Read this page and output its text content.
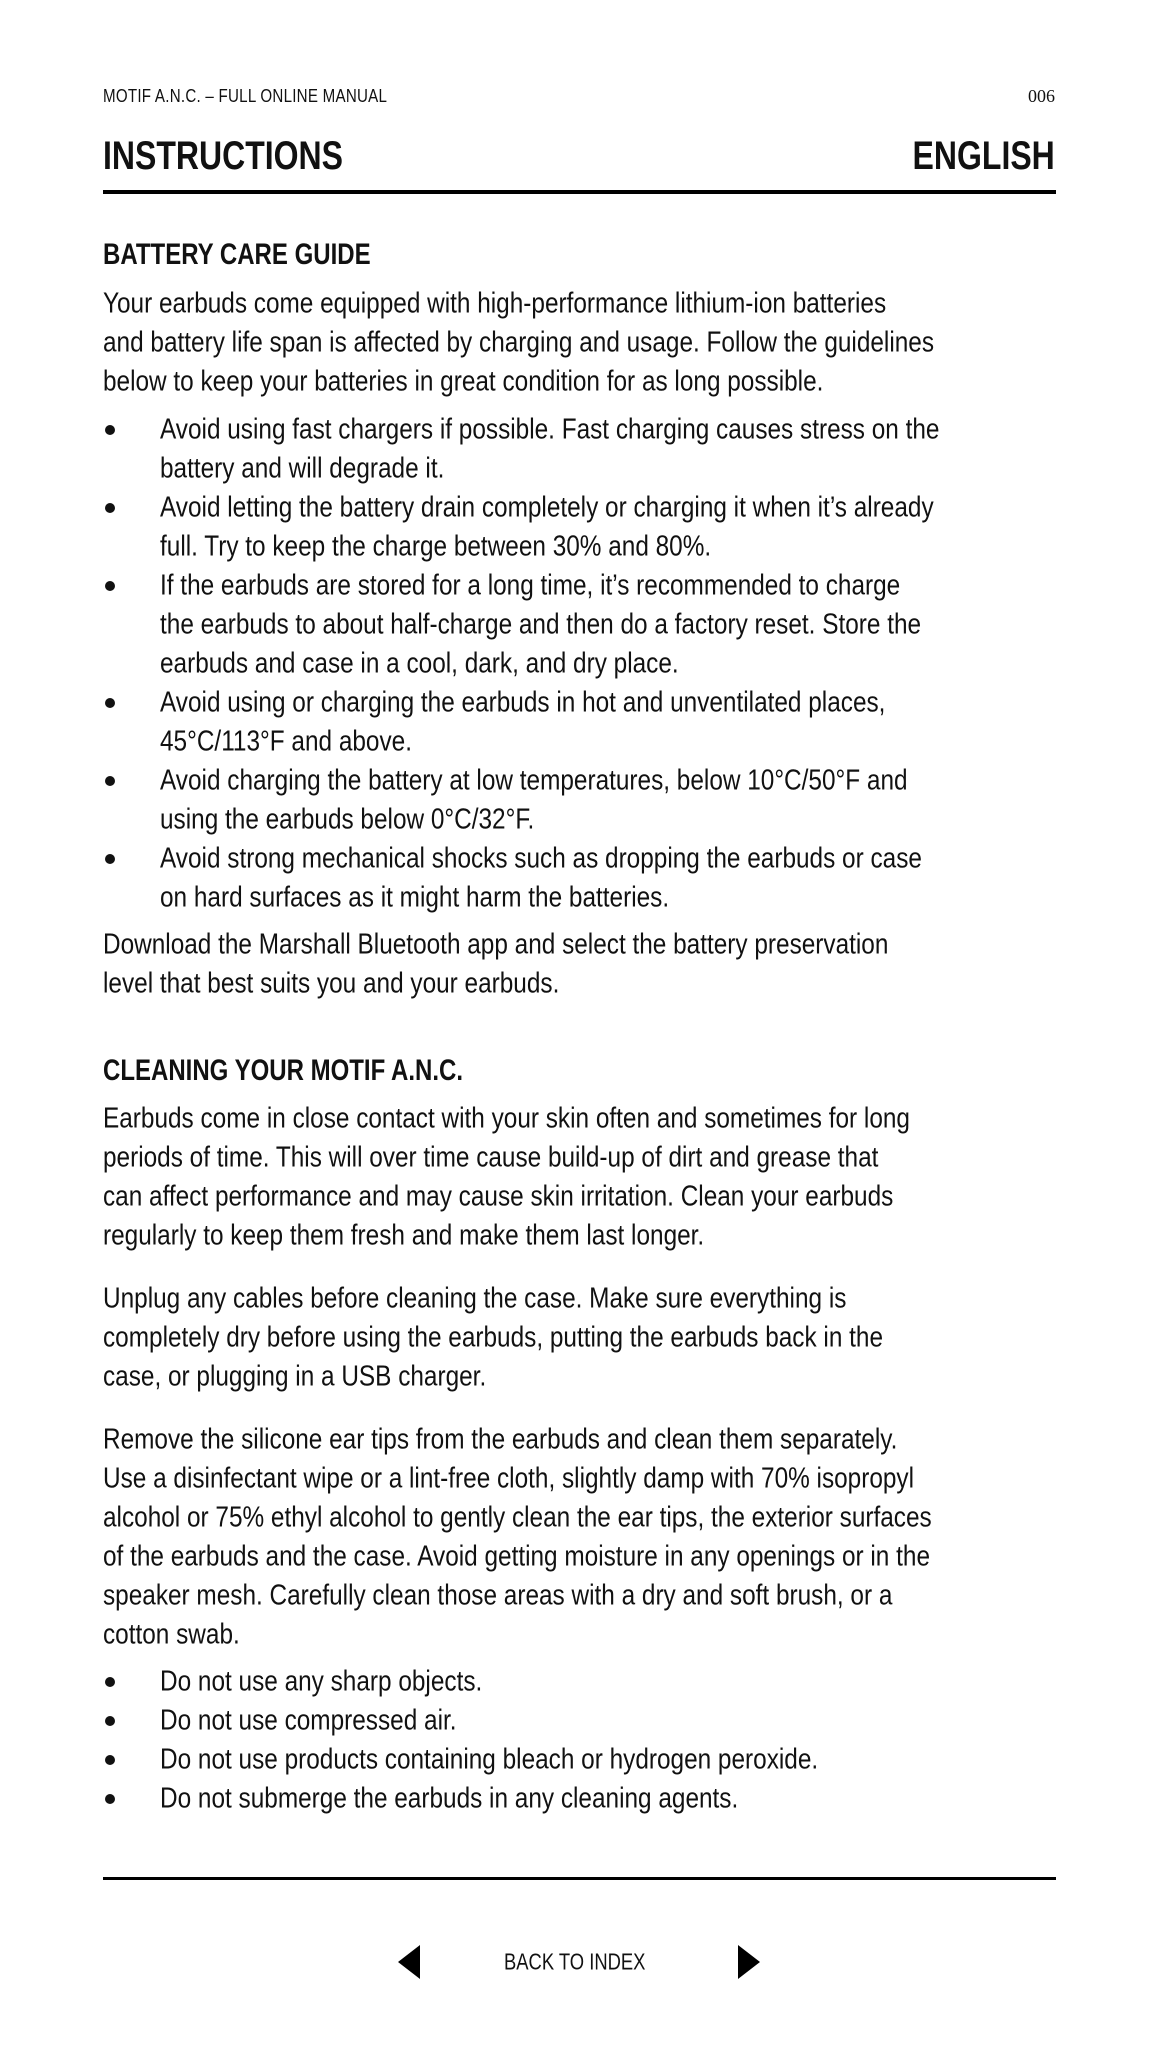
MOTIF A.N.C. – FULL ONLINE MANUAL	006
INSTRUCTIONS	ENGLISH
BATTERY CARE GUIDE
Your earbuds come equipped with high-performance lithium-ion batteries
and battery life span is affected by charging and usage. Follow the guidelines
below to keep your batteries in great condition for as long possible.
Avoid using fast chargers if possible. Fast charging causes stress on the
battery and will degrade it.
Avoid letting the battery drain completely or charging it when it’s already
full. Try to keep the charge between 30% and 80%.
If the earbuds are stored for a long time, it’s recommended to charge
the earbuds to about half-charge and then do a factory reset. Store the
earbuds and case in a cool, dark, and dry place.
Avoid using or charging the earbuds in hot and unventilated places,
45°C/113°F and above.
Avoid charging the battery at low temperatures, below 10°C/50°F and
using the earbuds below 0°C/32°F.
Avoid strong mechanical shocks such as dropping the earbuds or case
on hard surfaces as it might harm the batteries.
Download the Marshall Bluetooth app and select the battery preservation
level that best suits you and your earbuds.
CLEANING YOUR MOTIF A.N.C.
Earbuds come in close contact with your skin often and sometimes for long
periods of time. This will over time cause build-up of dirt and grease that
can affect performance and may cause skin irritation. Clean your earbuds
regularly to keep them fresh and make them last longer.
Unplug any cables before cleaning the case. Make sure everything is
completely dry before using the earbuds, putting the earbuds back in the
case, or plugging in a USB charger.
Remove the silicone ear tips from the earbuds and clean them separately.
Use a disinfectant wipe or a lint-free cloth, slightly damp with 70% isopropyl
alcohol or 75% ethyl alcohol to gently clean the ear tips, the exterior surfaces
of the earbuds and the case. Avoid getting moisture in any openings or in the
speaker mesh. Carefully clean those areas with a dry and soft brush, or a
cotton swab.
Do not use any sharp objects.
Do not use compressed air.
Do not use products containing bleach or hydrogen peroxide.
Do not submerge the earbuds in any cleaning agents.
BACK TO INDEX
